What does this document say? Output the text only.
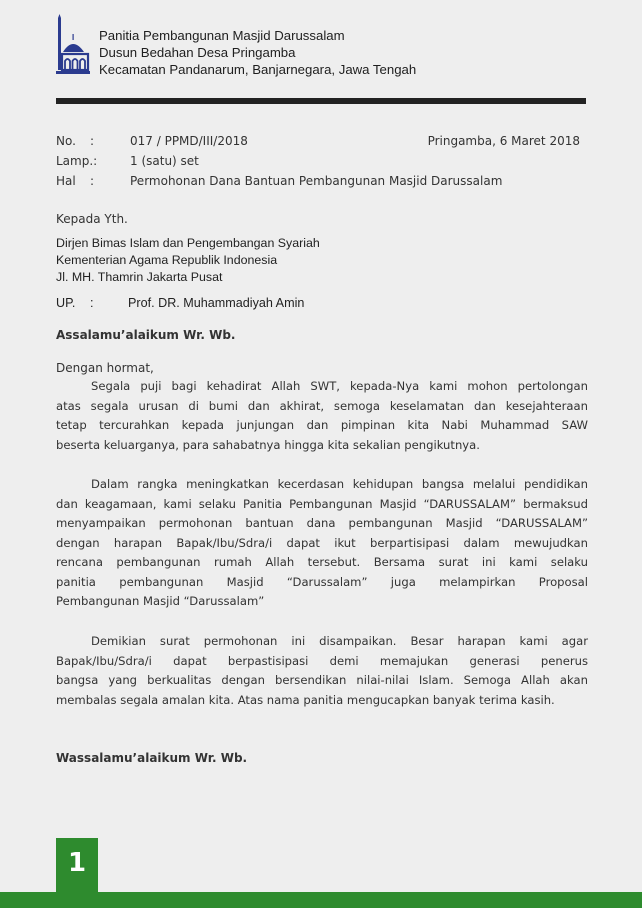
Panitia Pembangunan Masjid Darussalam
Dusun Bedahan Desa Pringamba
Kecamatan Pandanarum, Banjarnegara, Jawa Tengah
No. :	017 / PPMD/III/2018	Pringamba, 6 Maret 2018
Lamp.:	1 (satu) set
Hal :	Permohonan Dana Bantuan Pembangunan Masjid Darussalam
Kepada Yth.
Dirjen Bimas Islam dan Pengembangan Syariah
Kementerian Agama Republik Indonesia
Jl. MH. Thamrin Jakarta Pusat
UP. :	Prof. DR. Muhammadiyah Amin
Assalamu’alaikum Wr. Wb.
Dengan hormat,
Segala puji bagi kehadirat Allah SWT, kepada-Nya kami mohon pertolongan
atas segala urusan di bumi dan akhirat, semoga keselamatan dan kesejahteraan
tetap tercurahkan kepada junjungan dan pimpinan kita Nabi Muhammad SAW
beserta keluarganya, para sahabatnya hingga kita sekalian pengikutnya.
Dalam rangka meningkatkan kecerdasan kehidupan bangsa melalui pendidikan
dan keagamaan, kami selaku Panitia Pembangunan Masjid “DARUSSALAM” bermaksud
menyampaikan permohonan bantuan dana pembangunan Masjid “DARUSSALAM”
dengan harapan Bapak/Ibu/Sdra/i dapat ikut berpartisipasi dalam mewujudkan
rencana pembangunan rumah Allah tersebut. Bersama surat ini kami selaku
panitia pembangunan Masjid “Darussalam” juga melampirkan Proposal
Pembangunan Masjid “Darussalam”
Demikian surat permohonan ini disampaikan. Besar harapan kami agar
Bapak/Ibu/Sdra/i dapat berpastisipasi demi memajukan generasi penerus
bangsa yang berkualitas dengan bersendikan nilai-nilai Islam. Semoga Allah akan
membalas segala amalan kita. Atas nama panitia mengucapkan banyak terima kasih.
Wassalamu’alaikum Wr. Wb.
1
